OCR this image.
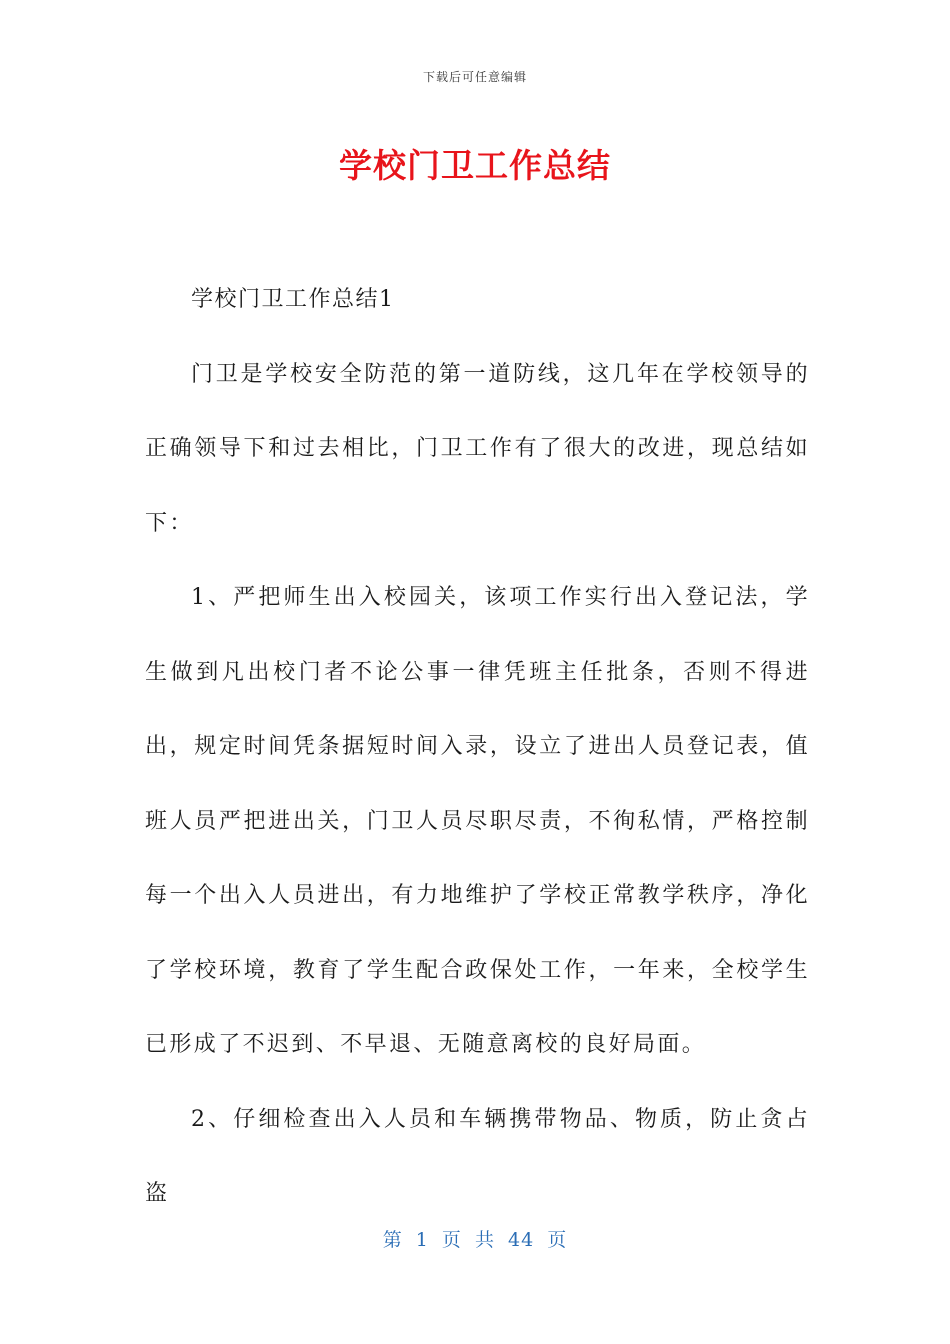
下载后可任意编辑
学校门卫工作总结

学校门卫工作总结1

门卫是学校安全防范的第一道防线，这几年在学校领导的正确领导下和过去相比，门卫工作有了很大的改进，现总结如下：

1、严把师生出入校园关，该项工作实行出入登记法，学生做到凡出校门者不论公事一律凭班主任批条，否则不得进出，规定时间凭条据短时间入录，设立了进出人员登记表，值班人员严把进出关，门卫人员尽职尽责，不徇私情，严格控制每一个出入人员进出，有力地维护了学校正常教学秩序，净化了学校环境，教育了学生配合政保处工作，一年来，全校学生已形成了不迟到、不早退、无随意离校的良好局面。

2、仔细检查出入人员和车辆携带物品、物质，防止贪占盗

第 1 页 共 44 页
